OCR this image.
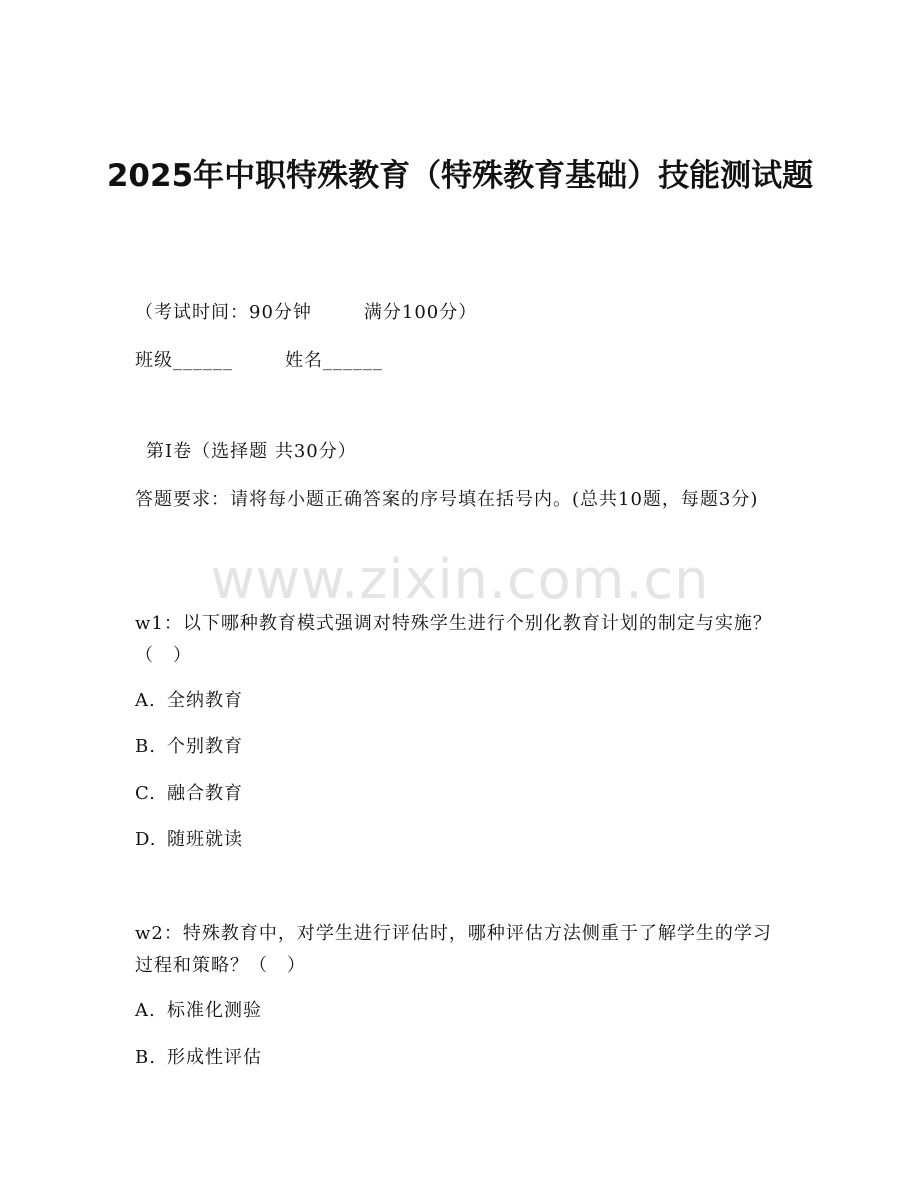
2025年中职特殊教育（特殊教育基础）技能测试题
（考试时间：90分钟	满分100分）
班级______	姓名______
第I卷（选择题 共30分）
答题要求：请将每小题正确答案的序号填在括号内。(总共10题，每题3分)
www.zixin.com.cn
w1：以下哪种教育模式强调对特殊学生进行个别化教育计划的制定与实施？（　）
A. 全纳教育
B. 个别教育
C. 融合教育
D. 随班就读
w2：特殊教育中，对学生进行评估时，哪种评估方法侧重于了解学生的学习过程和策略？（　）
A. 标准化测验
B. 形成性评估
